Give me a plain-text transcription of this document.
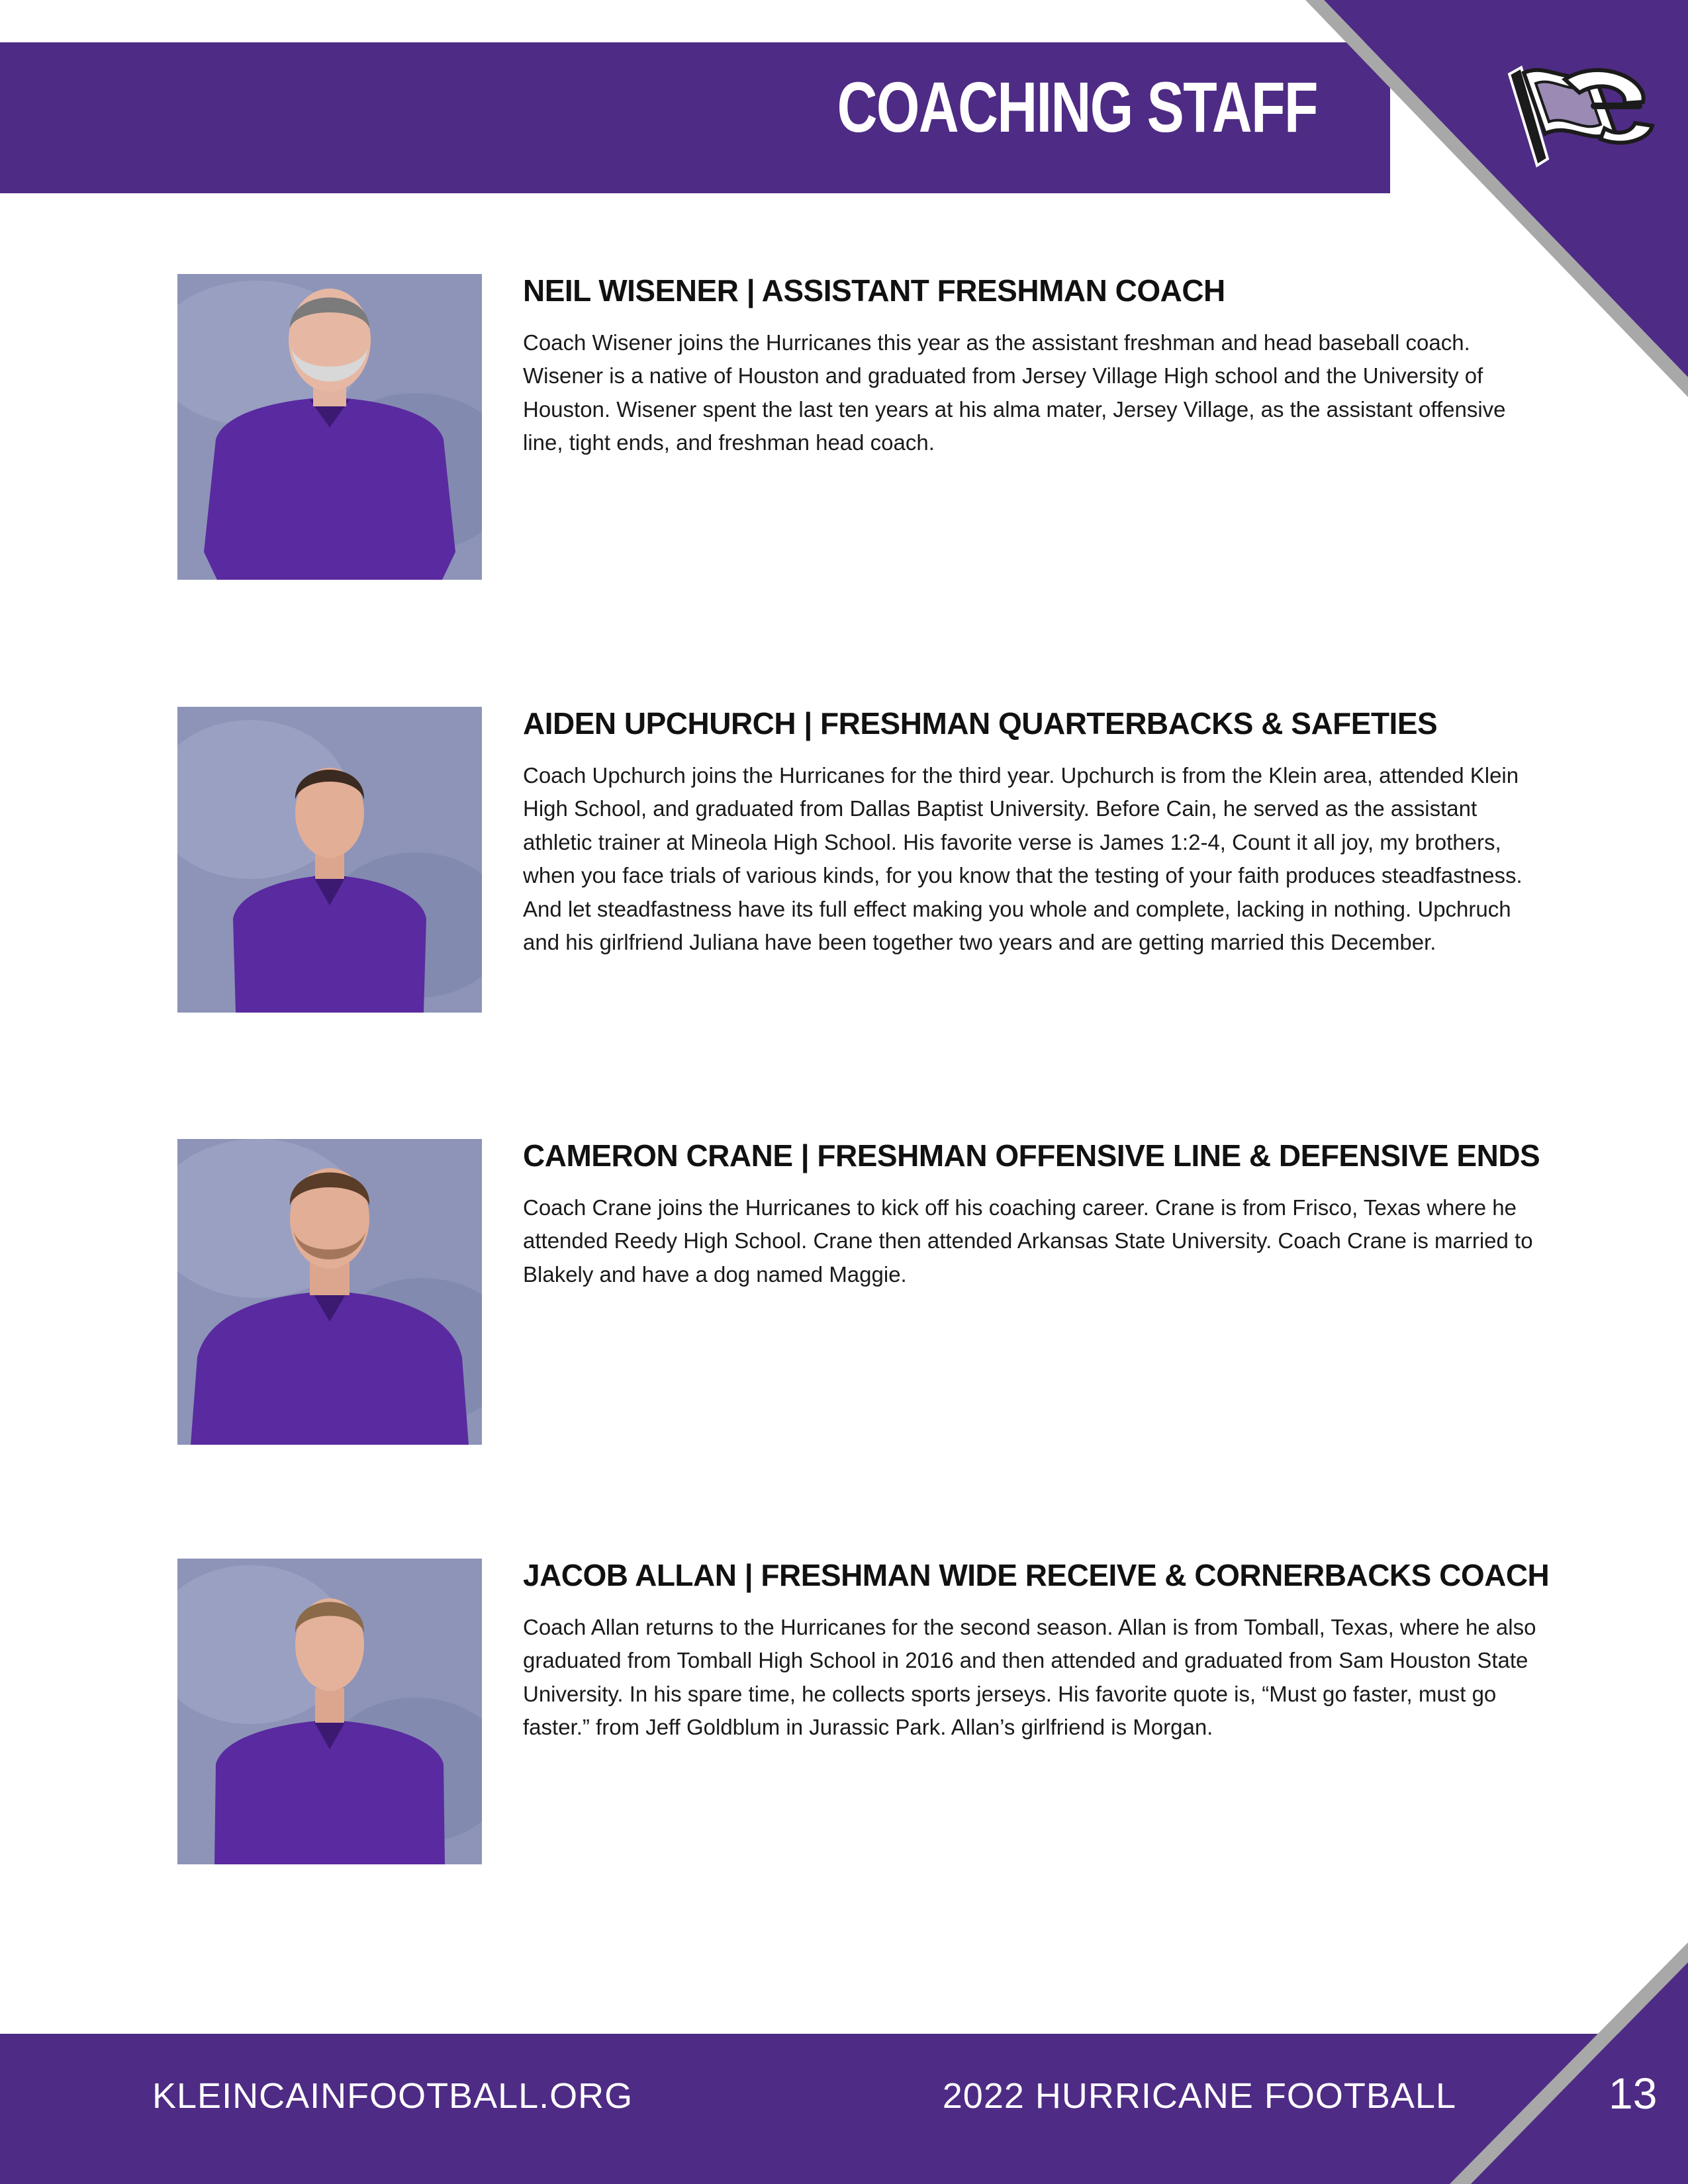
COACHING STAFF
NEIL WISENER | ASSISTANT FRESHMAN COACH

Coach Wisener joins the Hurricanes this year as the assistant freshman and head baseball coach. Wisener is a native of Houston and graduated from Jersey Village High school and the University of Houston. Wisener spent the last ten years at his alma mater, Jersey Village, as the assistant offensive line, tight ends, and freshman head coach.

AIDEN UPCHURCH | FRESHMAN QUARTERBACKS & SAFETIES

Coach Upchurch joins the Hurricanes for the third year. Upchurch is from the Klein area, attended Klein High School, and graduated from Dallas Baptist University. Before Cain, he served as the assistant athletic trainer at Mineola High School. His favorite verse is James 1:2-4, Count it all joy, my brothers, when you face trials of various kinds, for you know that the testing of your faith produces steadfastness. And let steadfastness have its full effect making you whole and complete, lacking in nothing. Upchruch and his girlfriend Juliana have been together two years and are getting married this December.

CAMERON CRANE | FRESHMAN OFFENSIVE LINE & DEFENSIVE ENDS

Coach Crane joins the Hurricanes to kick off his coaching career. Crane is from Frisco, Texas where he attended Reedy High School. Crane then attended Arkansas State University. Coach Crane is married to Blakely and have a dog named Maggie.

JACOB ALLAN | FRESHMAN WIDE RECEIVE & CORNERBACKS COACH

Coach Allan returns to the Hurricanes for the second season. Allan is from Tomball, Texas, where he also graduated from Tomball High School in 2016 and then attended and graduated from Sam Houston State University. In his spare time, he collects sports jerseys. His favorite quote is, “Must go faster, must go faster.” from Jeff Goldblum in Jurassic Park. Allan’s girlfriend is Morgan.

KLEINCAINFOOTBALL.ORG	2022 HURRICANE FOOTBALL	13
